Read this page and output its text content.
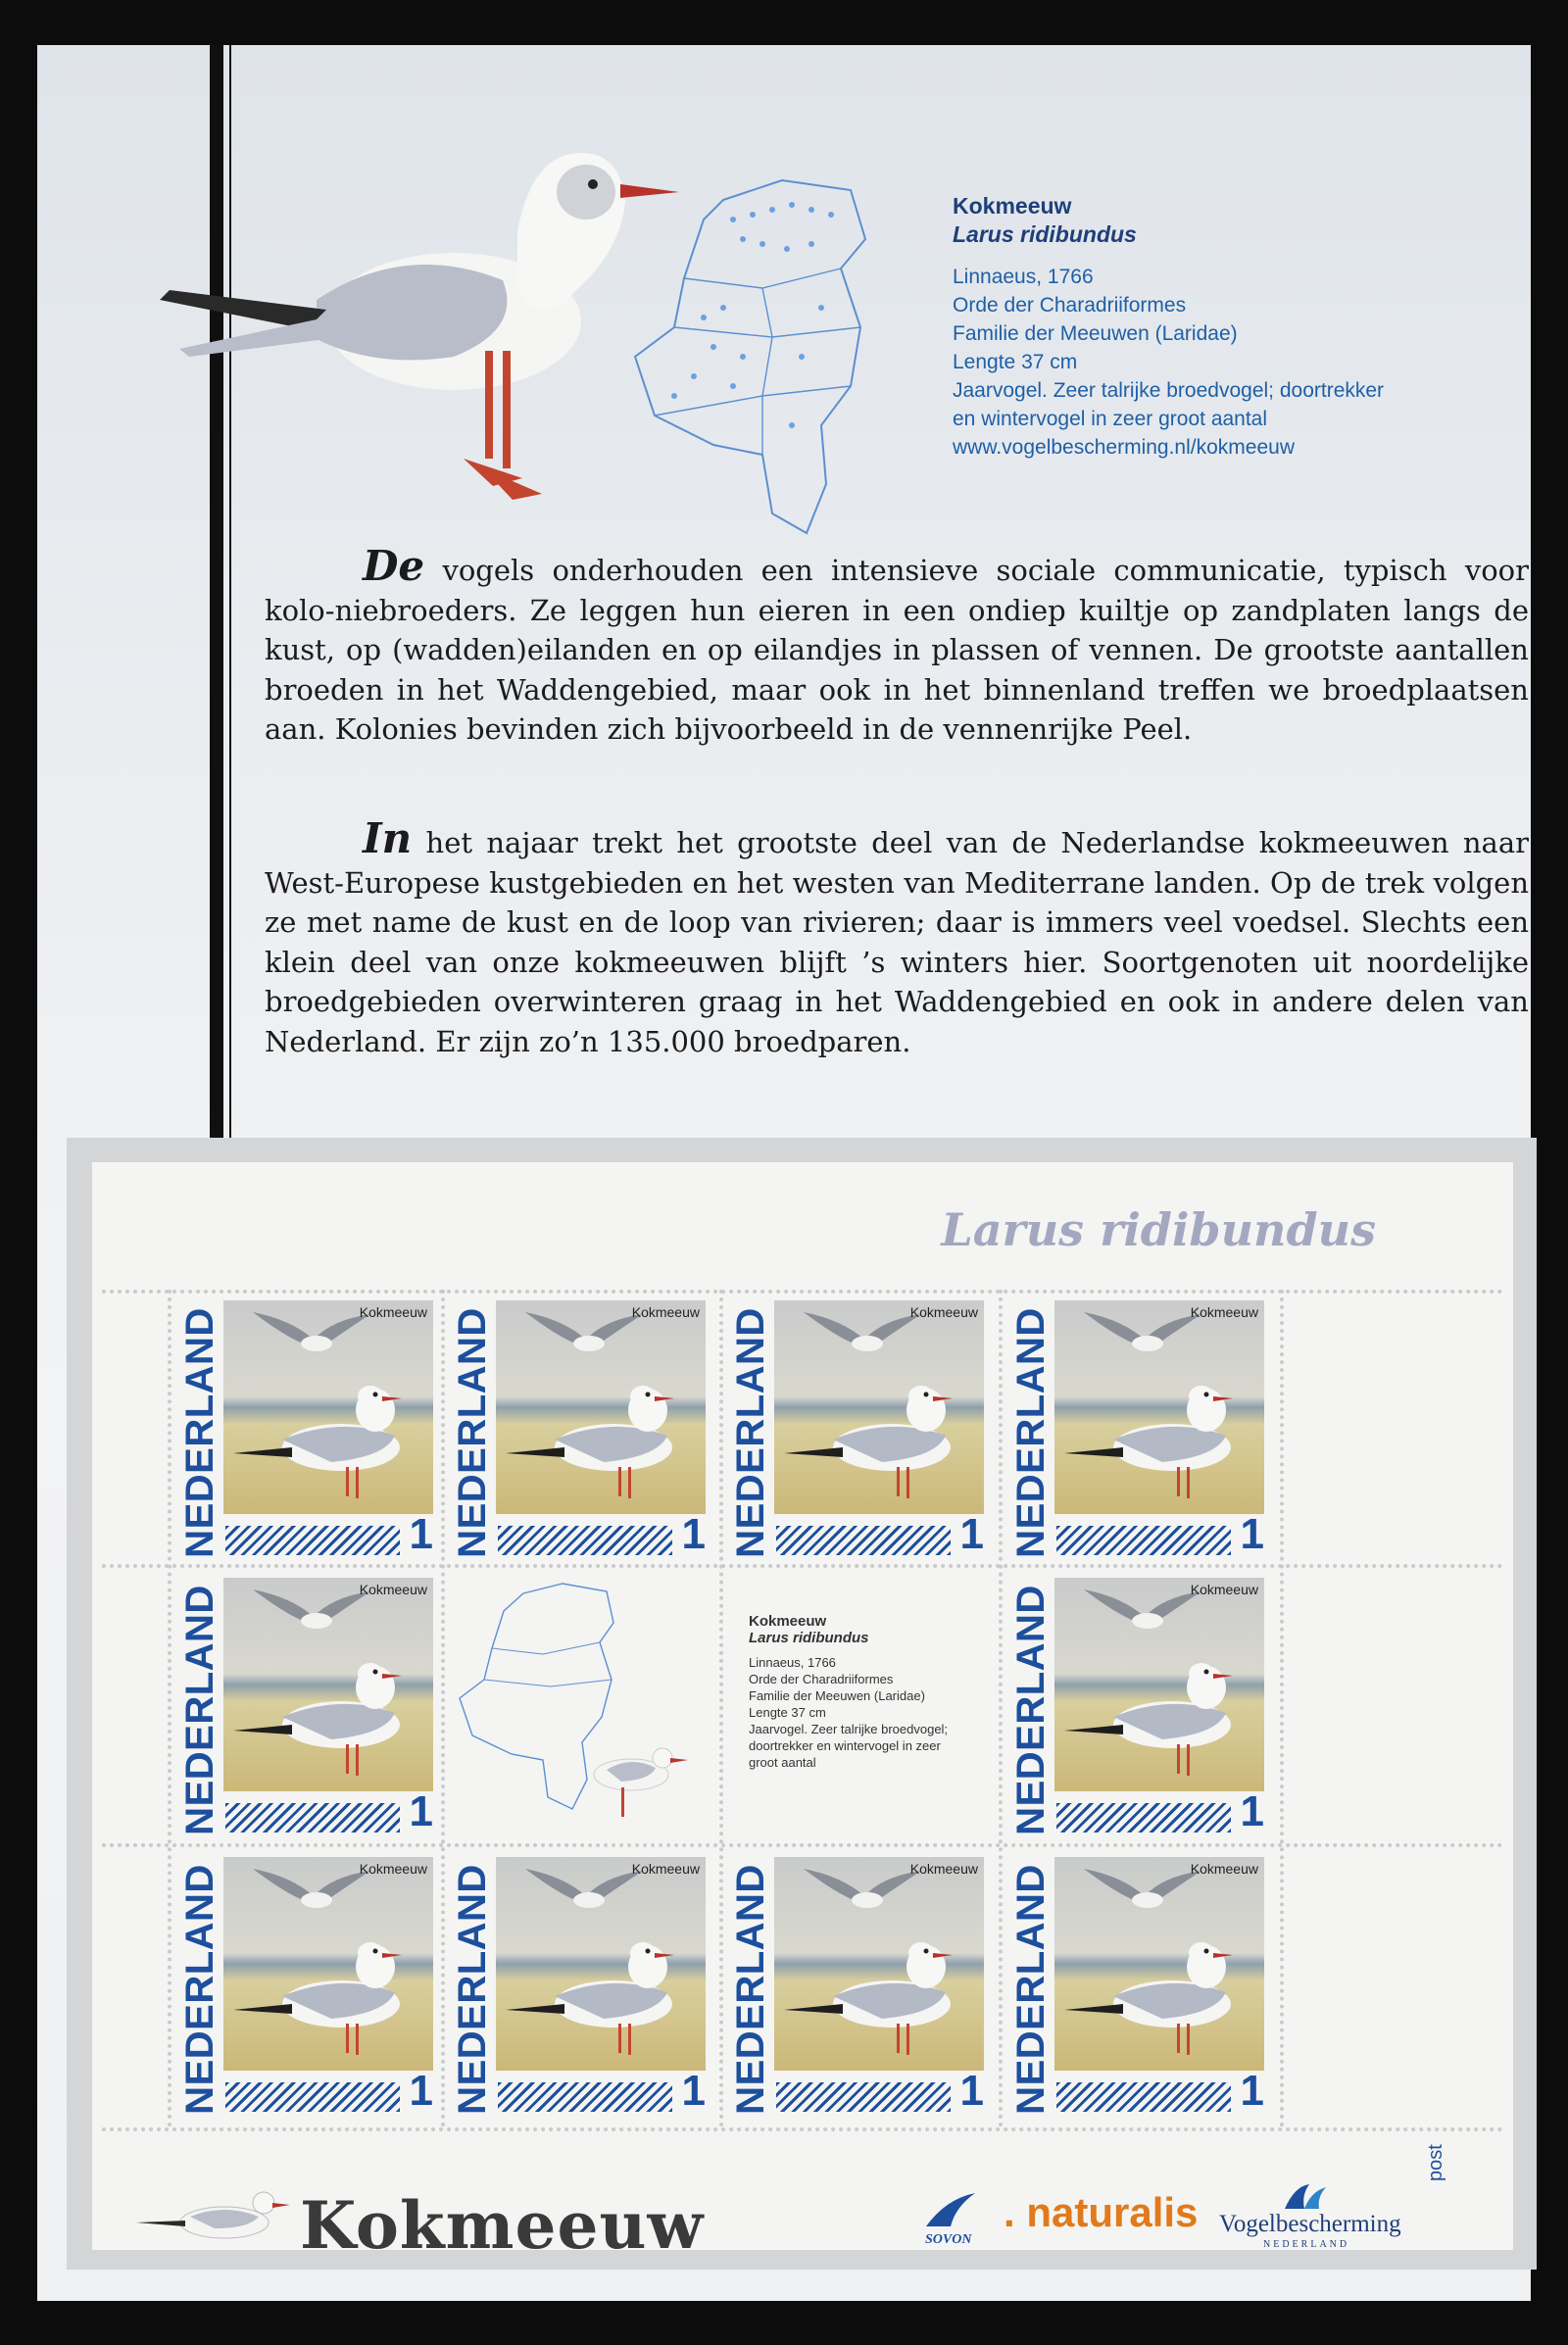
Kokmeeuw
Larus ridibundus
Linnaeus, 1766
Orde der Charadriiformes
Familie der Meeuwen (Laridae)
Lengte 37 cm
Jaarvogel. Zeer talrijke broedvogel; doortrekker
en wintervogel in zeer groot aantal
www.vogelbescherming.nl/kokmeeuw
De vogels onderhouden een intensieve sociale communicatie, typisch voor kolo-niebroeders. Ze leggen hun eieren in een ondiep kuiltje op zandplaten langs de kust, op (wadden)eilanden en op eilandjes in plassen of vennen. De grootste aantallen broeden in het Waddengebied, maar ook in het binnenland treffen we broedplaatsen aan. Kolonies bevinden zich bijvoorbeeld in de vennenrijke Peel.
In het najaar trekt het grootste deel van de Nederlandse kokmeeuwen naar West-Europese kustgebieden en het westen van Mediterrane landen. Op de trek volgen ze met name de kust en de loop van rivieren; daar is immers veel voedsel. Slechts een klein deel van onze kokmeeuwen blijft ’s winters hier. Soortgenoten uit noordelijke broedgebieden overwinteren graag in het Waddengebied en ook in andere delen van Nederland. Er zijn zo’n 135.000 broedparen.
Larus ridibundus
Kokmeeuw
Larus ridibundus
Linnaeus, 1766
Orde der Charadriiformes
Familie der Meeuwen (Laridae)
Lengte 37 cm
Jaarvogel. Zeer talrijke broedvogel;
doortrekker en wintervogel in zeer
groot aantal
post
Kokmeeuw	SOVON
. naturalis Vogelbescherming
NEDERLAND
NEDERLAND	Kokmeeuw
1 NEDERLAND	Kokmeeuw
1 NEDERLAND	Kokmeeuw
1 NEDERLAND	Kokmeeuw
1
NEDERLAND	Kokmeeuw
1	NEDERLAND	Kokmeeuw
1
NEDERLAND	Kokmeeuw
1 NEDERLAND	Kokmeeuw
1 NEDERLAND	Kokmeeuw
1 NEDERLAND	Kokmeeuw
1
